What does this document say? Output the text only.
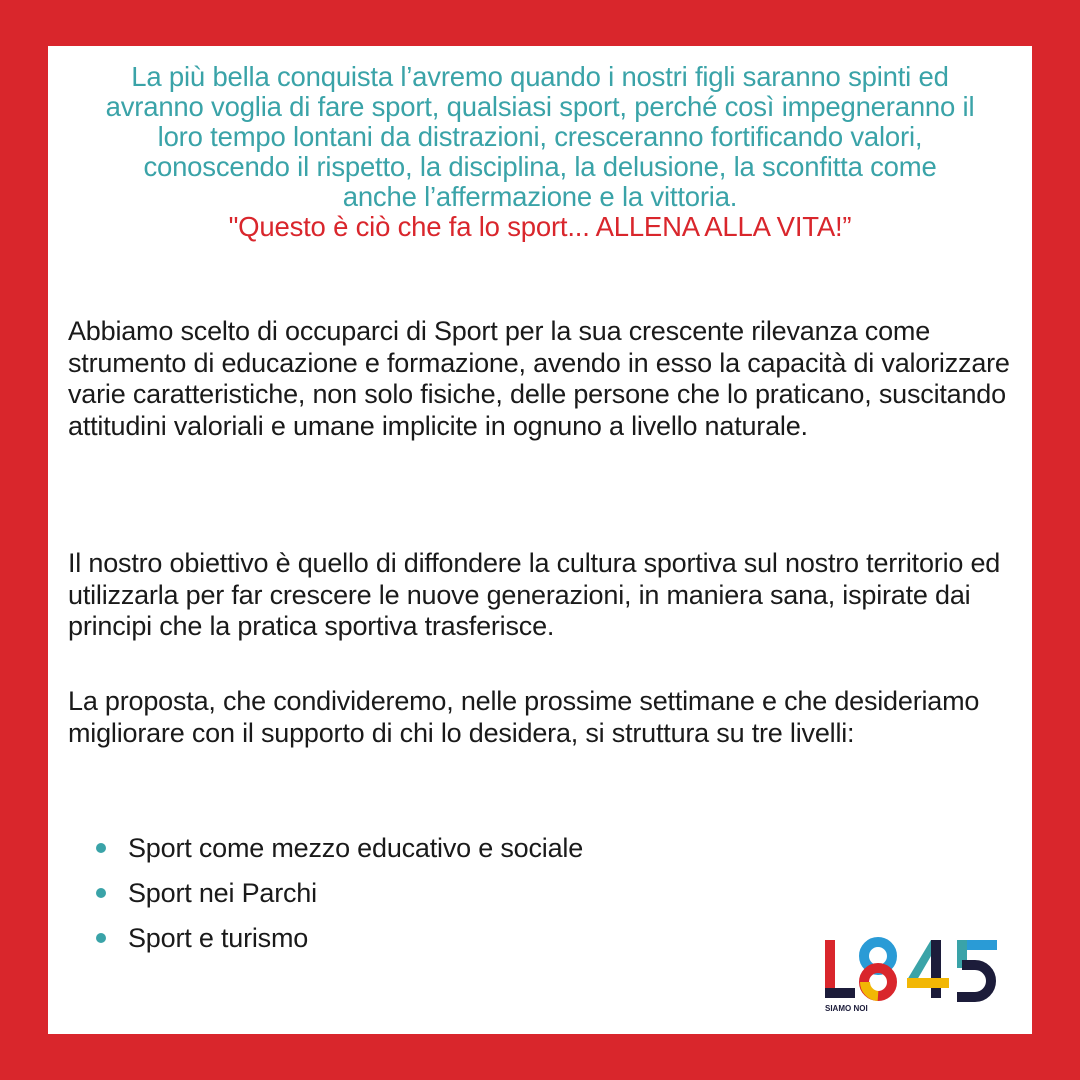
La più bella conquista l’avremo quando i nostri figli saranno spinti ed

avranno voglia di fare sport, qualsiasi sport, perché così impegneranno il

loro tempo lontani da distrazioni, cresceranno fortificando valori,

conoscendo il rispetto, la disciplina, la delusione, la sconfitta come

anche l’affermazione e la vittoria.

"Questo è ciò che fa lo sport... ALLENA ALLA VITA!”

Abbiamo scelto di occuparci di Sport per la sua crescente rilevanza come strumento di educazione e formazione, avendo in esso la capacità di valorizzare varie caratteristiche, non solo fisiche, delle persone che lo praticano, suscitando attitudini valoriali e umane implicite in ognuno a livello naturale.

Il nostro obiettivo è quello di diffondere la cultura sportiva sul nostro territorio ed utilizzarla per far crescere le nuove generazioni, in maniera sana, ispirate dai principi che la pratica sportiva trasferisce.

La proposta, che condivideremo, nelle prossime settimane e che desideriamo migliorare con il supporto di chi lo desidera, si struttura su tre livelli:

Sport come mezzo educativo e sociale
Sport nei Parchi
Sport e turismo
SIAMO NOI
